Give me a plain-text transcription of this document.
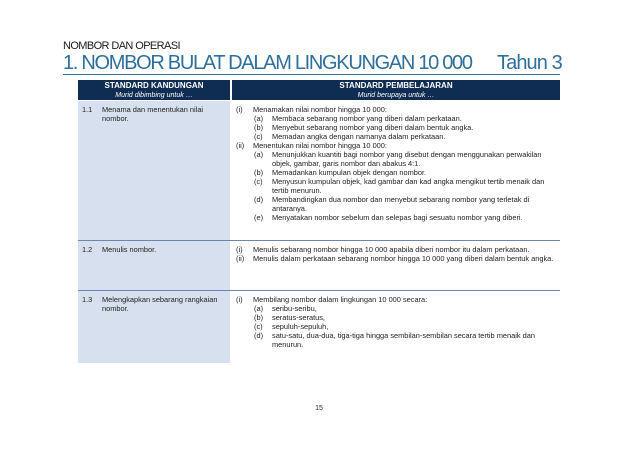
NOMBOR DAN OPERASI
1. NOMBOR BULAT DALAM LINGKUNGAN 10 000 Tahun 3
STANDARD KANDUNGAN
Murid dibimbing untuk …
STANDARD PEMBELAJARAN
Murid berupaya untuk …
1.1 Menama dan menentukan nilai nombor.
(i) Menamakan nilai nombor hingga 10 000:
(a) Membaca sebarang nombor yang diberi dalam perkataan.
(b) Menyebut sebarang nombor yang diberi dalam bentuk angka.
(c) Memadan angka dengan namanya dalam perkataan.
(ii) Menentukan nilai nombor hingga 10 000:
(a) Menunjukkan kuantiti bagi nombor yang disebut dengan menggunakan perwakilan objek, gambar, garis nombor dan abakus 4:1.
(b) Memadankan kumpulan objek dengan nombor.
(c) Menyusun kumpulan objek, kad gambar dan kad angka mengikut tertib menaik dan tertib menurun.
(d) Membandingkan dua nombor dan menyebut sebarang nombor yang terletak di antaranya.
(e) Menyatakan nombor sebelum dan selepas bagi sesuatu nombor yang diberi.
1.2 Menulis nombor.	(i) Menulis sebarang nombor hingga 10 000 apabila diberi nombor itu dalam perkataan.
(ii) Menulis dalam perkataan sebarang nombor hingga 10 000 yang diberi dalam bentuk angka.
1.3 Melengkapkan sebarang rangkaian nombor.
(i) Membilang nombor dalam lingkungan 10 000 secara:
(a) seribu-seribu,
(b) seratus-seratus,
(c) sepuluh-sepuluh,
(d) satu-satu, dua-dua, tiga-tiga hingga sembilan-sembilan secara tertib menaik dan menurun.
15
